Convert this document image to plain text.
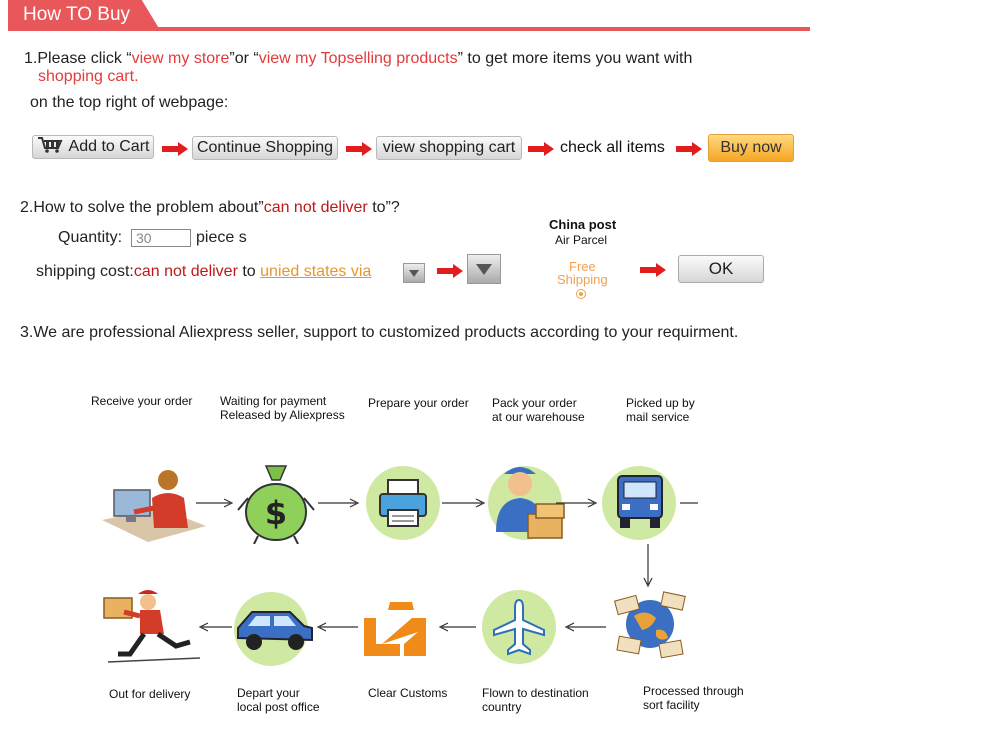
How TO Buy
1.Please click “view my store”or “view my Topselling products” to get more items you want with
shopping cart.
on the top right of webpage:
Add to Cart	Continue Shopping	view shopping cart	check all items	Buy now
2.How to solve the problem about”can not deliver to”?
Quantity: 30	piece s
shipping cost:can not deliver to unied states via
China post
Air Parcel
Free
Shipping
OK
3.We are professional Aliexpress seller, support to customized products according to your requirment.
Receive your order Waiting for payment
Released by Aliexpress
Prepare your order Pack your order
at our warehouse
Picked up by
mail service
$
Out for delivery	Depart your
local post office
Clear Customs	Flown to destination
country
Processed through
sort facility
